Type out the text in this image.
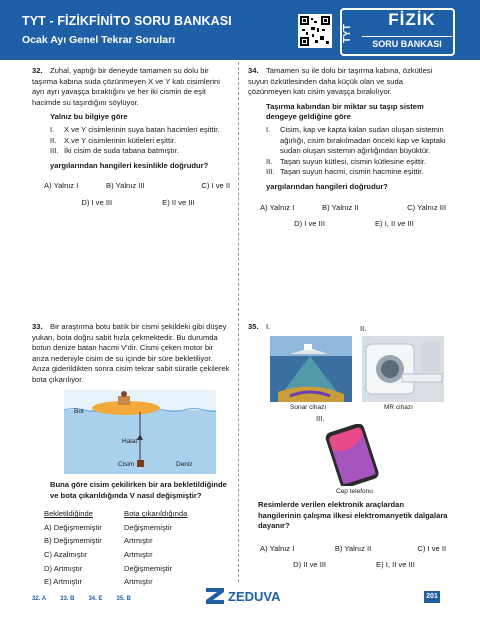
TYT - FİZİKFİNİTO SORU BANKASI
Ocak Ayı Genel Tekrar Soruları	TYT
FİZİK
SORU BANKASI
32. Zuhal, yaptığı bir deneyde tamamen su dolu bir taşırma kabına suda çözünmeyen X ve Y katı cisimlerini ayrı ayrı yavaşça bıraktığını ve her iki cismin de eşit hacimde su taşırdığını söylüyor.
Yalnız bu bilgiye göre
I.	X ve Y cisimlerinin suya batan hacimleri eşittir.
II.	X ve Y cisimlerinin kütleleri eşittir.
III. İki cisim de suda tabana batmıştır.
yargılarından hangileri kesinlikle doğrudur?
A) Yalnız I	B) Yalnız III	C) I ve II
D) I ve III	E) II ve III
34. Tamamen su ile dolu bir taşırma kabına, özkütlesi suyun özkütlesinden daha küçük olan ve suda çözünmeyen katı cisim yavaşça bırakılıyor.
Taşırma kabından bir miktar su taşıp sistem dengeye geldiğine göre
I.	Cisim, kap ve kapta kalan sudan oluşan sistemin ağırlığı, cisim bırakılmadan önceki kap ve kaptaki sudan oluşan sistemin ağırlığından büyüktür.
II.	Taşan suyun kütlesi, cismin kütlesine eşittir.
III. Taşan suyun hacmi, cismin hacmine eşittir.
yargılarından hangileri doğrudur?
A) Yalnız I	B) Yalnız II	C) Yalnız III
D) I ve III	E) I, II ve III
33. Bir araştırma botu batık bir cismi şekildeki gibi düşey yukarı, bota doğru sabit hızla çekmektedir. Bu durumda botun denize batan hacmi V'dir. Cismi çeken motor bir arıza nedeniyle cisim de su içinde bir süre bekletiliyor. Arıza giderildikten sonra cisim tekrar sabit süratle çekilerek bota çıkarılıyor.
Bot
Halat
Cisim	Deniz
Buna göre cisim çekilirken bir ara bekletildiğinde ve bota çıkarıldığında V nasıl değişmiştir?
Bekletildiğinde	Bota çıkarıldığında
A) Değişmemiştir	Değişmemiştir
B) Değişmemiştir	Artmıştır
C) Azalmıştır	Artmıştır
D) Artmıştır	Değişmemiştir
E) Artmıştır	Artmıştır
35. I.	II.
Sonar cihazı	MR cihazı
III.
Cep telefonu
Resimlerde verilen elektronik araçlardan hangilerinin çalışma ilkesi elektromanyetik dalgalara dayanır?
A) Yalnız I	B) Yalnız II	C) I ve II
D) II ve III	E) I, II ve III
32. A 33. B 34. E 35. B	ZEDUVA	201
